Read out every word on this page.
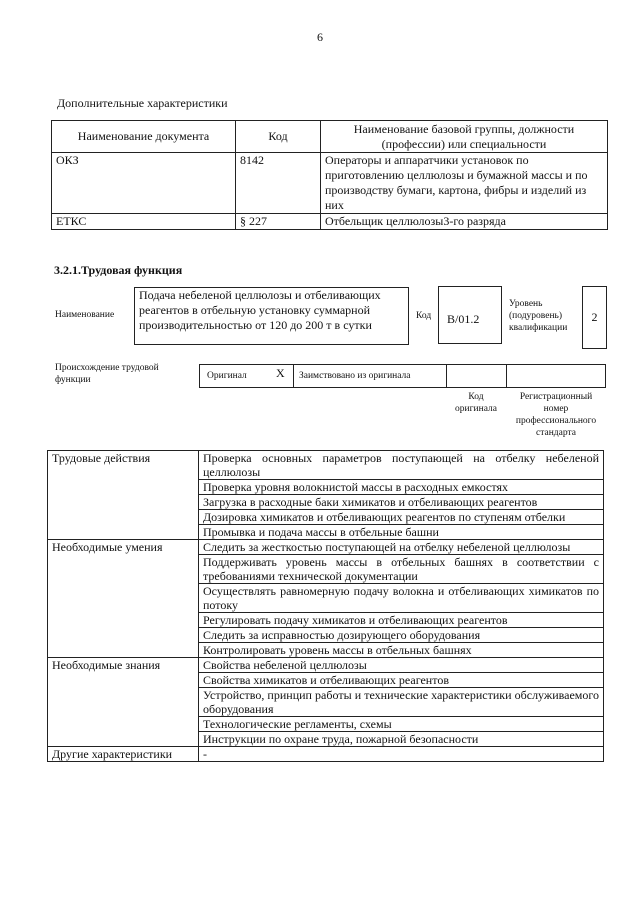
6
Дополнительные характеристики
Наименование документа	Код	Наименование базовой группы, должности (профессии) или специальности
ОКЗ	8142	Операторы и аппаратчики установок по приготовлению целлюлозы и бумажной массы и по производству бумаги, картона, фибры и изделий из них
ЕТКС	§ 227	Отбельщик целлюлозы3-го разряда
3.2.1.Трудовая функция
Наименование
Подача небеленой целлюлозы и отбеливающих реагентов в отбельную установку суммарной производительностью от 120 до 200 т в сутки
Код	В/01.2
Уровень (подуровень) квалификации
2
Происхождение трудовой функции	Оригинал X Заимствовано из оригинала
Код оригинала
Регистрационный номер профессионального стандарта
Трудовые действия	Проверка основных параметров поступающей на отбелку небеленой целлюлозы
	Проверка уровня волокнистой массы в расходных емкостях
	Загрузка в расходные баки химикатов и отбеливающих реагентов
	Дозировка химикатов и отбеливающих реагентов по ступеням отбелки
	Промывка и подача массы в отбельные башни
Необходимые умения	Следить за жесткостью поступающей на отбелку небеленой целлюлозы
	Поддерживать уровень массы в отбельных башнях в соответствии с требованиями технической документации
	Осуществлять равномерную подачу волокна и отбеливающих химикатов по потоку
	Регулировать подачу химикатов и отбеливающих реагентов
	Следить за исправностью дозирующего оборудования
	Контролировать уровень массы в отбельных башнях
Необходимые знания	Свойства небеленой целлюлозы
	Свойства химикатов и отбеливающих реагентов
	Устройство, принцип работы и технические характеристики обслуживаемого оборудования
	Технологические регламенты, схемы
	Инструкции по охране труда, пожарной безопасности
Другие характеристики	-
